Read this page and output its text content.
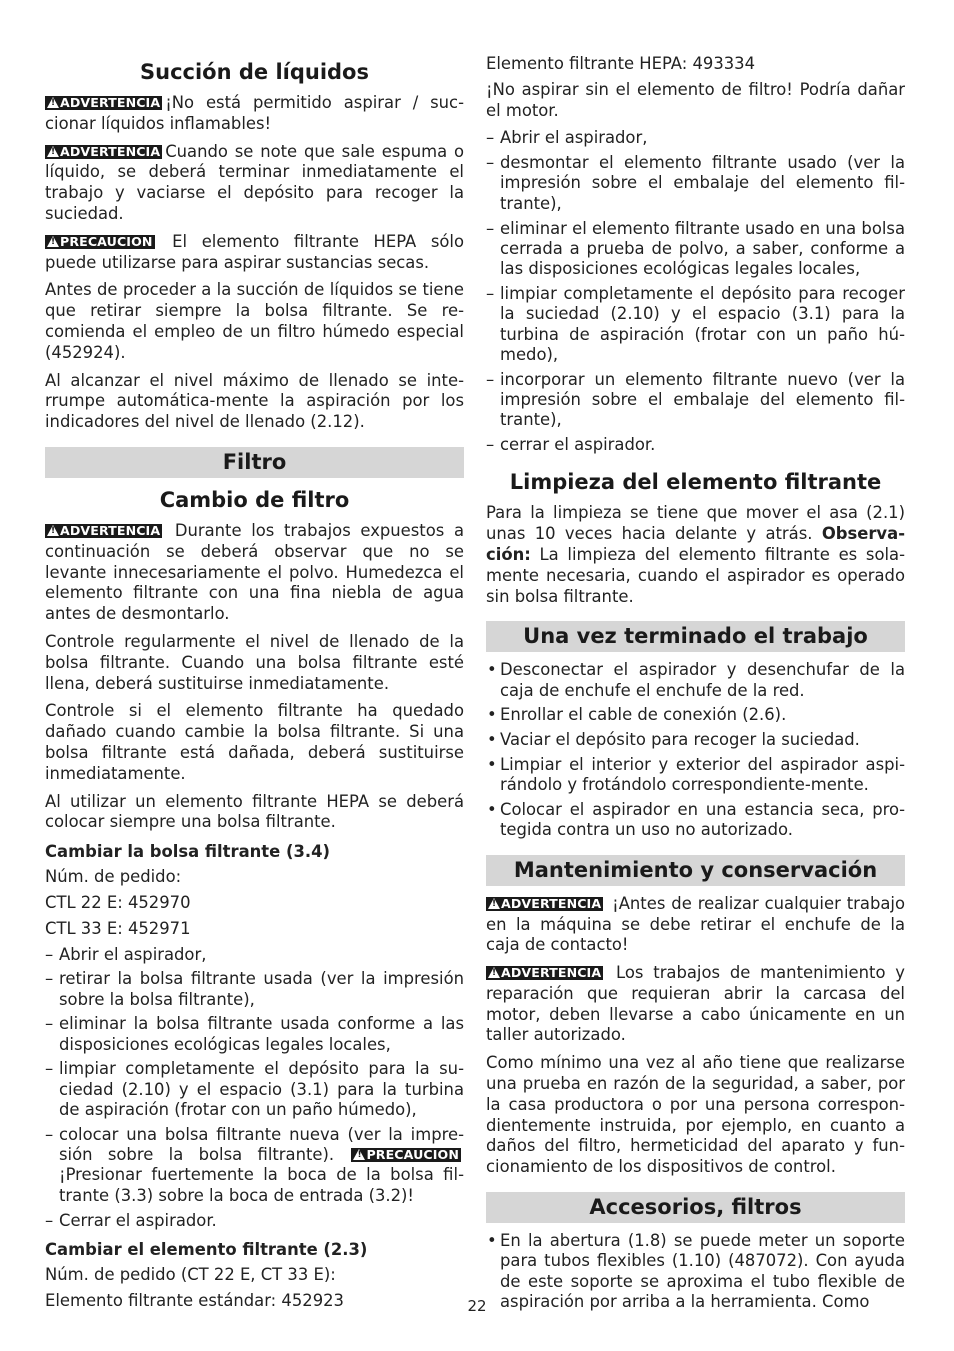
Succión de líquidos

!ADVERTENCIA ¡No está permitido aspirar / succionar líquidos inflamables!

!ADVERTENCIA Cuando se note que sale espuma o líquido, se deberá terminar inmediatamente el trabajo y vaciarse el depósito para recoger la suciedad.

!PRECAUCION El elemento filtrante HEPA sólo puede utilizarse para aspirar sustancias secas.

Antes de proceder a la succión de líquidos se tiene que retirar siempre la bolsa filtrante. Se recomienda el empleo de un filtro húmedo especial (452924).

Al alcanzar el nivel máximo de llenado se interrumpe automática-mente la aspiración por los indicadores del nivel de llenado (2.12).

Filtro
Cambio de filtro

!ADVERTENCIA Durante los trabajos expuestos a continuación se deberá observar que no se levante innecesariamente el polvo. Humedezca el elemento filtrante con una fina niebla de agua antes de desmontarlo.

Controle regularmente el nivel de llenado de la bolsa filtrante. Cuando una bolsa filtrante esté llena, deberá sustituirse inmediatamente.

Controle si el elemento filtrante ha quedado dañado cuando cambie la bolsa filtrante. Si una bolsa filtrante está dañada, deberá sustituirse inmediatamente.

Al utilizar un elemento filtrante HEPA se deberá colocar siempre una bolsa filtrante.

Cambiar la bolsa filtrante (3.4)

Núm. de pedido:

CTL 22 E: 452970

CTL 33 E: 452971

– Abrir el aspirador,
– retirar la bolsa filtrante usada (ver la impresión sobre la bolsa filtrante),
– eliminar la bolsa filtrante usada conforme a las disposiciones ecológicas legales locales,
– limpiar completamente el depósito para la suciedad (2.10) y el espacio (3.1) para la turbina de aspiración (frotar con un paño húmedo),
– colocar una bolsa filtrante nueva (ver la impresión sobre la bolsa filtrante). !	PRECAUCION ¡Presionar fuertemente la boca de la bolsa filtrante (3.3) sobre la boca de entrada (3.2)!
– Cerrar el aspirador.
Cambiar el elemento filtrante (2.3)

Núm. de pedido (CT 22 E, CT 33 E):

Elemento filtrante estándar: 452923

Elemento filtrante HEPA: 493334

¡No aspirar sin el elemento de filtro! Podría dañar el motor.

– Abrir el aspirador,
– desmontar el elemento filtrante usado (ver la impresión sobre el embalaje del elemento filtrante),
– eliminar el elemento filtrante usado en una bolsa cerrada a prueba de polvo, a saber, conforme a las disposiciones ecológicas legales locales,
– limpiar completamente el depósito para recoger la suciedad (2.10) y el espacio (3.1) para la turbina de aspiración (frotar con un paño húmedo),
– incorporar un elemento filtrante nuevo (ver la impresión sobre el embalaje del elemento filtrante),
– cerrar el aspirador.
Limpieza del elemento filtrante

Para la limpieza se tiene que mover el asa (2.1) unas 10 veces hacia delante y atrás. Observación: La limpieza del elemento filtrante es solamente necesaria, cuando el aspirador es operado sin bolsa filtrante.

Una vez terminado el trabajo
• Desconectar el aspirador y desenchufar de la caja de enchufe el enchufe de la red.
• Enrollar el cable de conexión (2.6).
• Vaciar el depósito para recoger la suciedad.
• Limpiar el interior y exterior del aspirador aspirándolo y frotándolo correspondiente-mente.
• Colocar el aspirador en una estancia seca, protegida contra un uso no autorizado.
Mantenimiento y conservación

!ADVERTENCIA ¡Antes de realizar cualquier trabajo en la máquina se debe retirar el enchufe de la caja de contacto!

!ADVERTENCIA Los trabajos de mantenimiento y reparación que requieran abrir la carcasa del motor, deben llevarse a cabo únicamente en un taller autorizado.

Como mínimo una vez al año tiene que realizarse una prueba en razón de la seguridad, a saber, por la casa productora o por una persona correspondientemente instruida, por ejemplo, en cuanto a daños del filtro, hermeticidad del aparato y funcionamiento de los dispositivos de control.

Accesorios, filtros
• En la abertura (1.8) se puede meter un soporte para tubos flexibles (1.10) (487072). Con ayuda de este soporte se aproxima el tubo flexible de aspiración por arriba a la herramienta. Como
22
